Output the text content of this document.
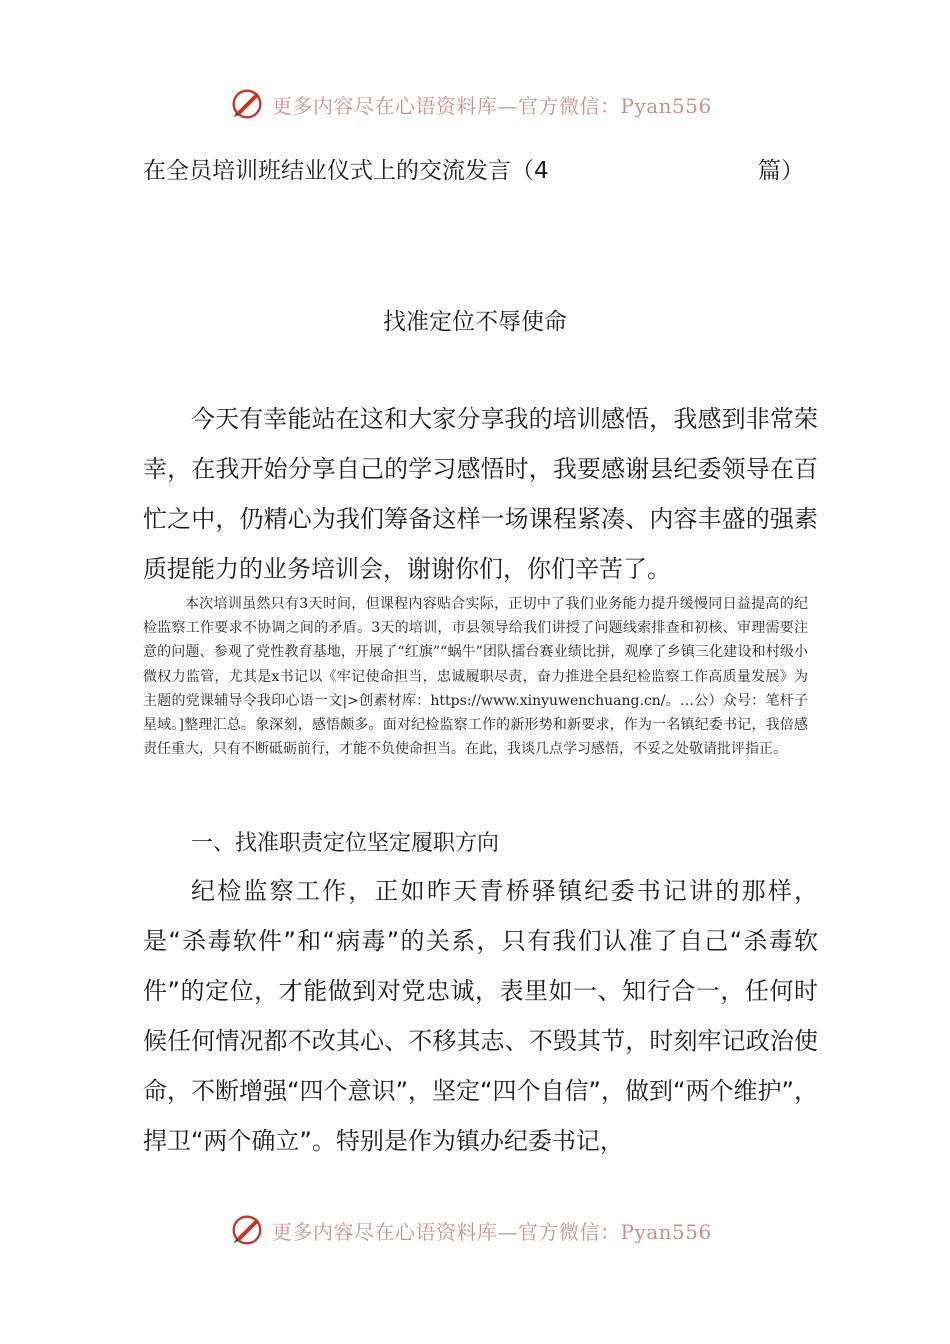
更多内容尽在心语资料库—官方微信：Pyan556
在全员培训班结业仪式上的交流发言（4	篇）
找准定位不辱使命

今天有幸能站在这和大家分享我的培训感悟，我感到非常荣幸，在我开始分享自己的学习感悟时，我要感谢县纪委领导在百忙之中，仍精心为我们筹备这样一场课程紧凑、内容丰盛的强素质提能力的业务培训会，谢谢你们，你们辛苦了。

本次培训虽然只有3天时间，但课程内容贴合实际，正切中了我们业务能力提升缓慢同日益提高的纪检监察工作要求不协调之间的矛盾。3天的培训，市县领导给我们讲授了问题线索排查和初核、审理需要注意的问题、参观了党性教育基地，开展了“红旗”“蜗牛”团队擂台赛业绩比拼，观摩了乡镇三化建设和村级小微权力监管，尤其是x书记以《牢记使命担当，忠诚履职尽责，奋力推进全县纪检监察工作高质量发展》为主题的党课辅导令我印心语一文|>创素材库：https://www.xinyuwenchuang.cn/。…公）众号：笔杆子星域。]整理汇总。象深刻，感悟颇多。面对纪检监察工作的新形势和新要求，作为一名镇纪委书记，我倍感责任重大，只有不断砥砺前行，才能不负使命担当。在此，我谈几点学习感悟，不妥之处敬请批评指正。

一、找准职责定位坚定履职方向

纪检监察工作，正如昨天青桥驿镇纪委书记讲的那样，是“杀毒软件”和“病毒”的关系，只有我们认准了自己“杀毒软件”的定位，才能做到对党忠诚，表里如一、知行合一，任何时候任何情况都不改其心、不移其志、不毁其节，时刻牢记政治使命，不断增强“四个意识”，坚定“四个自信”，做到“两个维护”，捍卫“两个确立”。特别是作为镇办纪委书记，

更多内容尽在心语资料库—官方微信：Pyan556
